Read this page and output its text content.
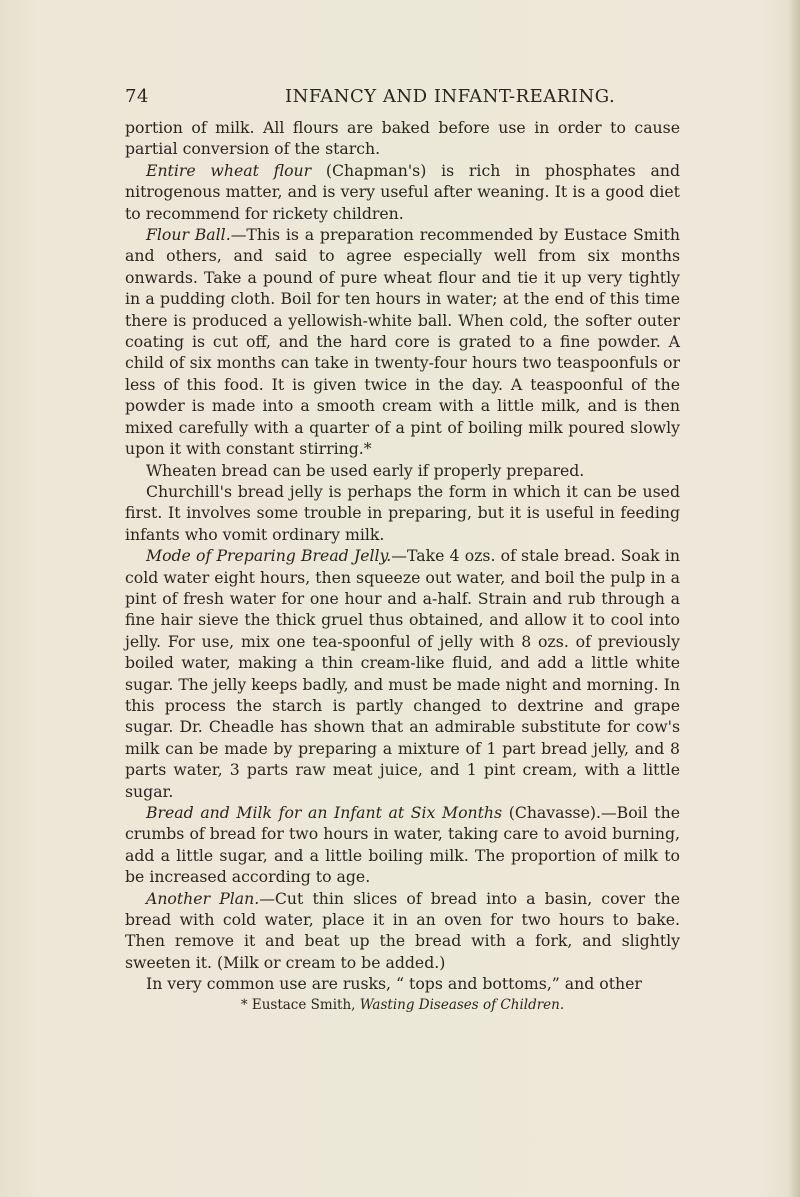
74	INFANCY AND INFANT-REARING.

portion of milk. All flours are baked before use in order to cause partial conversion of the starch.

Entire wheat flour (Chapman's) is rich in phosphates and nitrogenous matter, and is very useful after weaning. It is a good diet to recommend for rickety children.

Flour Ball.—This is a preparation recommended by Eustace Smith and others, and said to agree especially well from six months onwards. Take a pound of pure wheat flour and tie it up very tightly in a pudding cloth. Boil for ten hours in water; at the end of this time there is produced a yellowish-white ball. When cold, the softer outer coating is cut off, and the hard core is grated to a fine powder. A child of six months can take in twenty-four hours two teaspoonfuls or less of this food. It is given twice in the day. A teaspoonful of the powder is made into a smooth cream with a little milk, and is then mixed carefully with a quarter of a pint of boiling milk poured slowly upon it with constant stirring.*

Wheaten bread can be used early if properly prepared.

Churchill's bread jelly is perhaps the form in which it can be used first. It involves some trouble in preparing, but it is useful in feeding infants who vomit ordinary milk.

Mode of Preparing Bread Jelly.—Take 4 ozs. of stale bread. Soak in cold water eight hours, then squeeze out water, and boil the pulp in a pint of fresh water for one hour and a-half. Strain and rub through a fine hair sieve the thick gruel thus obtained, and allow it to cool into jelly. For use, mix one tea-spoonful of jelly with 8 ozs. of previously boiled water, making a thin cream-like fluid, and add a little white sugar. The jelly keeps badly, and must be made night and morning. In this process the starch is partly changed to dextrine and grape sugar. Dr. Cheadle has shown that an admirable substitute for cow's milk can be made by preparing a mixture of 1 part bread jelly, and 8 parts water, 3 parts raw meat juice, and 1 pint cream, with a little sugar.

Bread and Milk for an Infant at Six Months (Chavasse).—Boil the crumbs of bread for two hours in water, taking care to avoid burning, add a little sugar, and a little boiling milk. The proportion of milk to be increased according to age.

Another Plan.—Cut thin slices of bread into a basin, cover the bread with cold water, place it in an oven for two hours to bake. Then remove it and beat up the bread with a fork, and slightly sweeten it. (Milk or cream to be added.)

In very common use are rusks, “ tops and bottoms,” and other

* Eustace Smith, Wasting Diseases of Children.
